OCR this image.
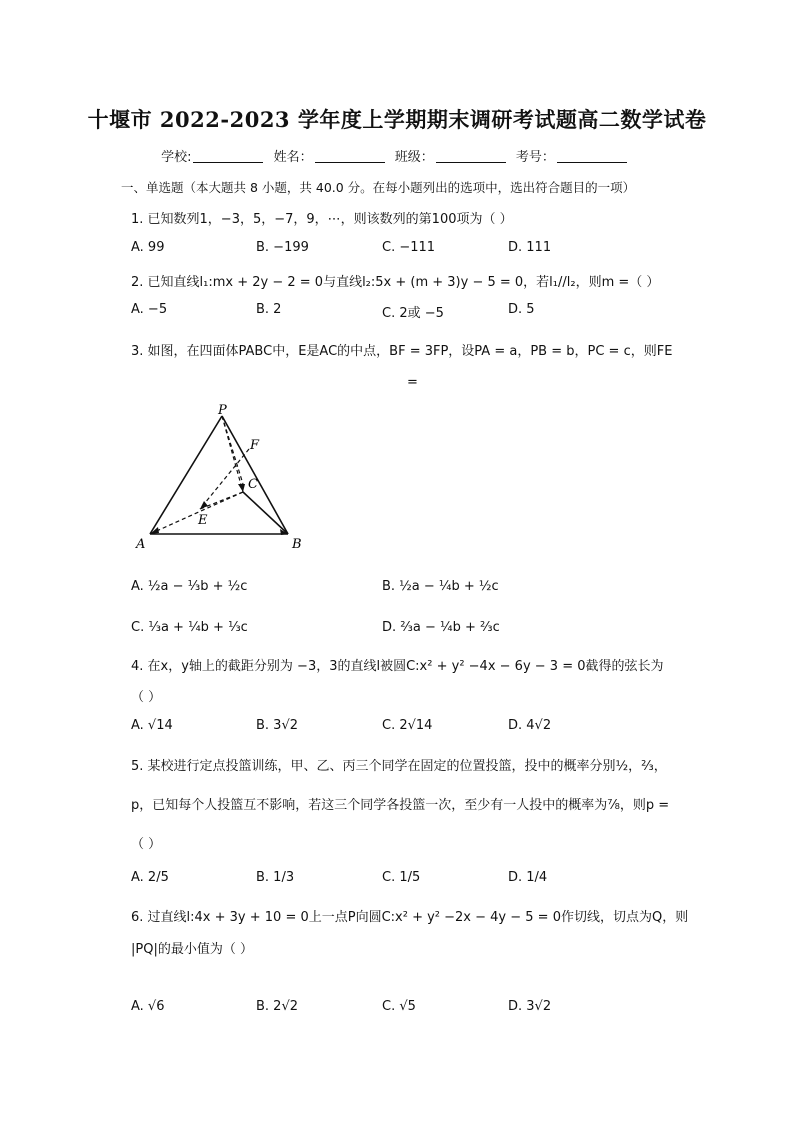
十堰市 2022-2023 学年度上学期期末调研考试题高二数学试卷
学校:	姓名：	班级：	考号：
一、单选题（本大题共 8 小题，共 40.0 分。在每小题列出的选项中，选出符合题目的一项）
1. 已知数列1，−3，5，−7，9，⋯，则该数列的第100项为（ ）
A. 99	B. −199	C. −111	D. 111
2. 已知直线l₁:mx + 2y − 2 = 0与直线l₂:5x + (m + 3)y − 5 = 0，若l₁//l₂，则m =（ ）
A. −5	B. 2	C. 2或 −5	D. 5
3. 如图，在四面体PABC中，E是AC的中点，BF = 3FP，设PA = a，PB = b，PC = c，则FE
=
P
F
C
E
A	B
A. ½a − ⅓b + ½c	B. ½a − ¼b + ½c
C. ⅓a + ¼b + ⅓c	D. ⅔a − ¼b + ⅔c
4. 在x，y轴上的截距分别为 −3，3的直线l被圆C:x² + y² −4x − 6y − 3 = 0截得的弦长为
（ ）
A. √14	B. 3√2	C. 2√14	D. 4√2
5. 某校进行定点投篮训练，甲、乙、丙三个同学在固定的位置投篮，投中的概率分别½，⅔，
p，已知每个人投篮互不影响，若这三个同学各投篮一次，至少有一人投中的概率为⅞，则p =
（ ）
A. 2/5	B. 1/3	C. 1/5	D. 1/4
6. 过直线l:4x + 3y + 10 = 0上一点P向圆C:x² + y² −2x − 4y − 5 = 0作切线，切点为Q，则
|PQ|的最小值为（ ）
A. √6	B. 2√2	C. √5	D. 3√2
